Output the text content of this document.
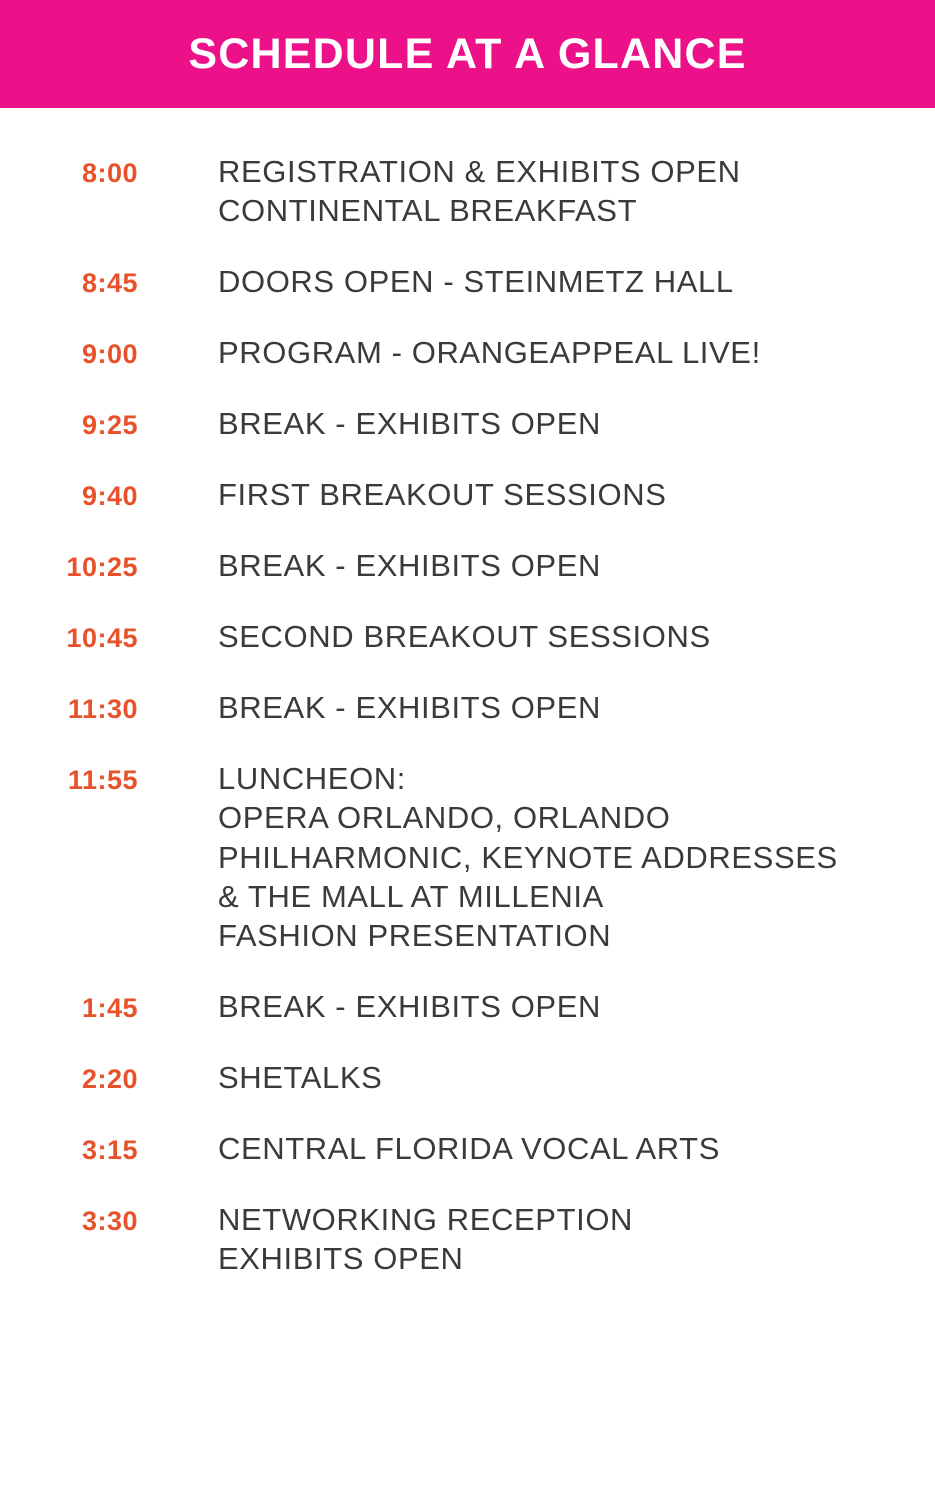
SCHEDULE AT A GLANCE
8:00	REGISTRATION & EXHIBITS OPEN
CONTINENTAL BREAKFAST
8:45	DOORS OPEN - STEINMETZ HALL
9:00	PROGRAM - ORANGEAPPEAL LIVE!
9:25	BREAK - EXHIBITS OPEN
9:40	FIRST BREAKOUT SESSIONS
10:25	BREAK - EXHIBITS OPEN
10:45	SECOND BREAKOUT SESSIONS
11:30	BREAK - EXHIBITS OPEN
11:55	LUNCHEON:
OPERA ORLANDO, ORLANDO
PHILHARMONIC, KEYNOTE ADDRESSES
& THE MALL AT MILLENIA
FASHION PRESENTATION
1:45	BREAK - EXHIBITS OPEN
2:20	SHETALKS
3:15	CENTRAL FLORIDA VOCAL ARTS
3:30	NETWORKING RECEPTION
EXHIBITS OPEN
